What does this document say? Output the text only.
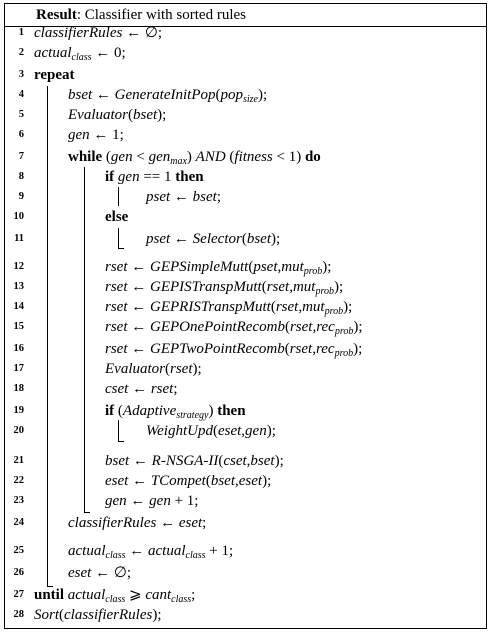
Result: Classifier with sorted rules
1 classifierRules ← ∅;
2 actual$_{class}$ ← 0;
3 repeat
4	bset ← GenerateInitPop(pop$_{size}$);
5	Evaluator(bset);
6	gen ← 1;
7	while (gen < gen$_{max}$) AND (fitness < 1) do
8	if gen == 1 then
9	pset ← bset;
10	else
11	pset ← Selector(bset);
12	rset ← GEPSimpleMutt(pset,mut$_{prob}$);
13	rset ← GEPISTranspMutt(rset,mut$_{prob}$);
14	rset ← GEPRISTranspMutt(rset,mut$_{prob}$);
15	rset ← GEPOnePointRecomb(rset,rec$_{prob}$);
16	rset ← GEPTwoPointRecomb(rset,rec$_{prob}$);
17	Evaluator(rset);
18	cset ← rset;
19	if (Adaptive$_{strategy}$) then
20	WeightUpd(eset,gen);
21	bset ← R-NSGA-II(cset,bset);
22	eset ← TCompet(bset,eset);
23	gen ← gen + 1;
24	classifierRules ← eset;
25	actual$_{class}$ ← actual$_{class}$ + 1;
26	eset ← ∅;
27 until actual$_{class}$ ⩾ cant$_{class}$;
28 Sort(classifierRules);
